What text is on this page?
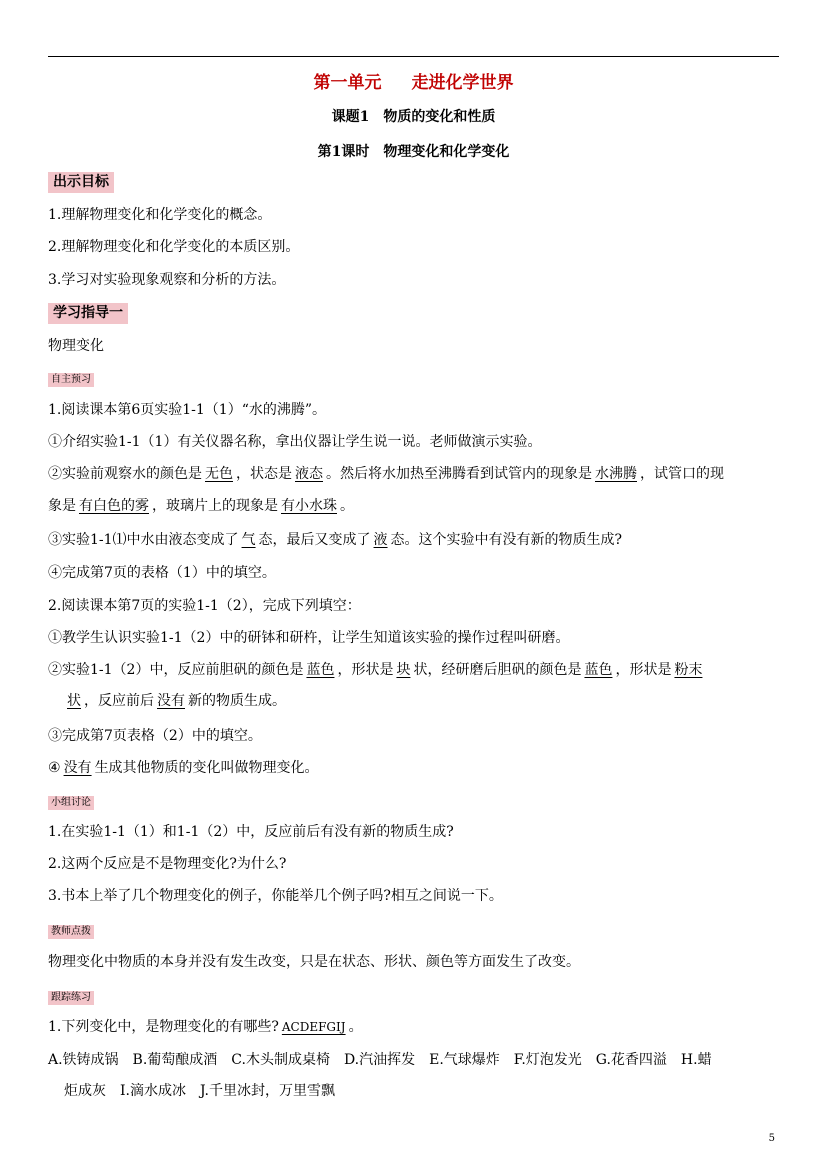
第一单元 走进化学世界
课题1 物质的变化和性质
第1课时 物理变化和化学变化
出示目标
1.理解物理变化和化学变化的概念。
2.理解物理变化和化学变化的本质区别。
3.学习对实验现象观察和分析的方法。
学习指导一
物理变化
自主预习
1.阅读课本第6页实验1-1（1）“水的沸腾”。
①介绍实验1-1（1）有关仪器名称，拿出仪器让学生说一说。老师做演示实验。
②实验前观察水的颜色是 无色 ，状态是 液态 。然后将水加热至沸腾看到试管内的现象是 水沸腾 ，试管口的现
象是 有白色的雾 ，玻璃片上的现象是 有小水珠 。
③实验1-1⑴中水由液态变成了 气 态，最后又变成了 液 态。这个实验中有没有新的物质生成?
④完成第7页的表格（1）中的填空。
2.阅读课本第7页的实验1-1（2），完成下列填空：
①教学生认识实验1-1（2）中的研钵和研杵，让学生知道该实验的操作过程叫研磨。
②实验1-1（2）中，反应前胆矾的颜色是 蓝色 ，形状是 块 状，经研磨后胆矾的颜色是 蓝色 ，形状是 粉末
状 ，反应前后 没有 新的物质生成。
③完成第7页表格（2）中的填空。
④ 没有 生成其他物质的变化叫做物理变化。
小组讨论
1.在实验1-1（1）和1-1（2）中，反应前后有没有新的物质生成?
2.这两个反应是不是物理变化?为什么?
3.书本上举了几个物理变化的例子，你能举几个例子吗?相互之间说一下。
教师点拨
物理变化中物质的本身并没有发生改变，只是在状态、形状、颜色等方面发生了改变。
跟踪练习
1.下列变化中，是物理变化的有哪些? ACDEFGIJ 。
A.铁铸成锅　B.葡萄酿成酒　C.木头制成桌椅　D.汽油挥发　E.气球爆炸　F.灯泡发光　G.花香四溢　H.蜡
炬成灰　I.滴水成冰　J.千里冰封，万里雪飘
5
